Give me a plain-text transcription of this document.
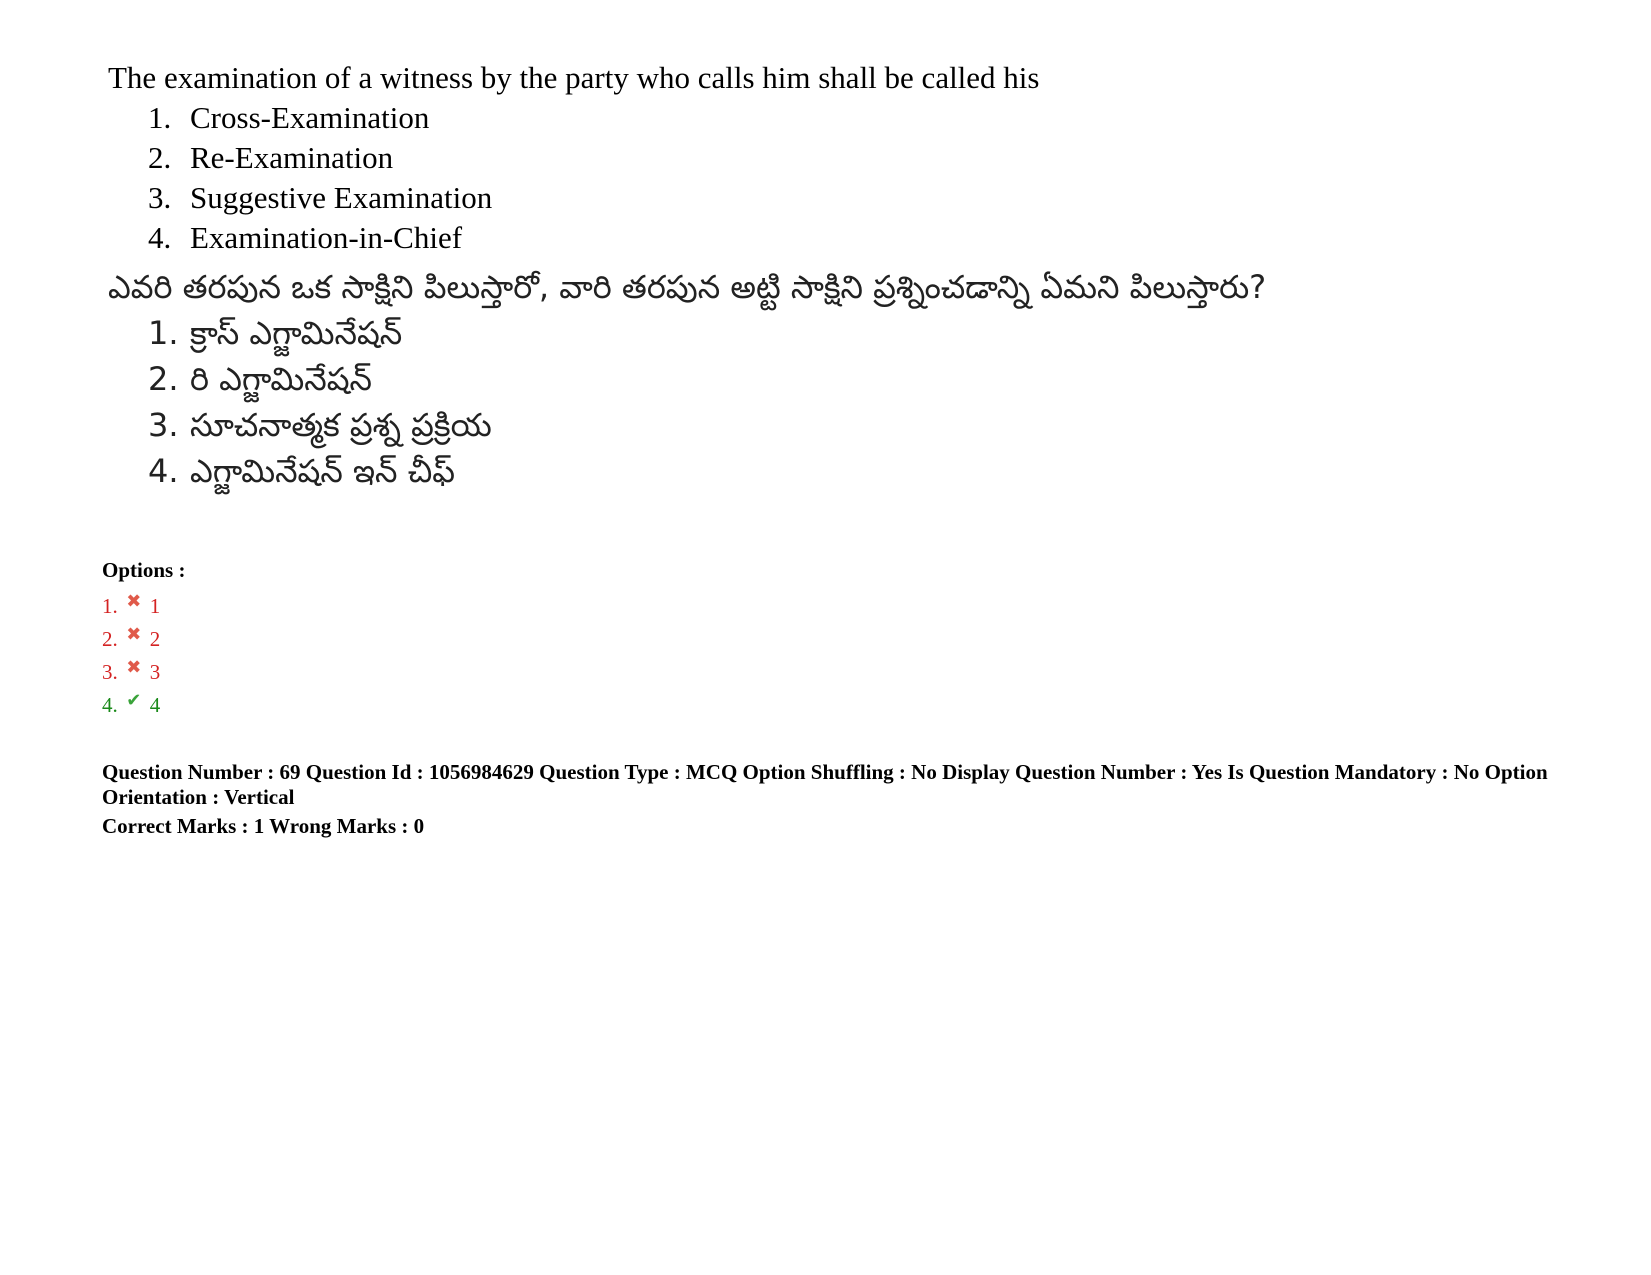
The examination of a witness by the party who calls him shall be called his

1. Cross-Examination
2. Re-Examination
3. Suggestive Examination
4. Examination-in-Chief

ఎవరి తరపున ఒక సాక్షిని పిలుస్తారో, వారి తరపున అట్టి సాక్షిని ప్రశ్నించడాన్ని ఏమని పిలుస్తారు?

1. క్రాస్ ఎగ్జామినేషన్
2. రి ఎగ్జామినేషన్
3. సూచనాత్మక ప్రశ్న ప్రక్రియ
4. ఎగ్జామినేషన్ ఇన్ చీఫ్
Options :
1. ✖ 1
2. ✖ 2
3. ✖ 3
4. ✔ 4

Question Number : 69 Question Id : 1056984629 Question Type : MCQ Option Shuffling : No Display Question Number : Yes Is Question Mandatory : No Option Orientation : Vertical

Correct Marks : 1 Wrong Marks : 0
